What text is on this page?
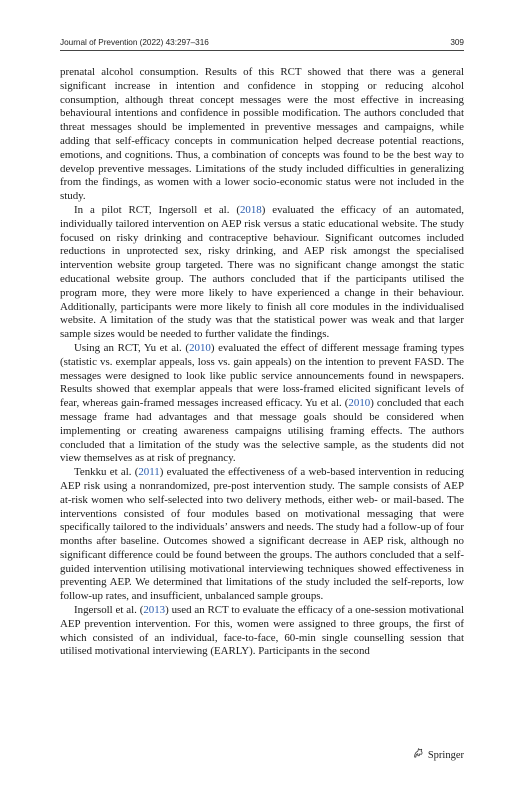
Journal of Prevention (2022) 43:297–316	309

prenatal alcohol consumption. Results of this RCT showed that there was a general significant increase in intention and confidence in stopping or reducing alcohol consumption, although threat concept messages were the most effective in increasing behavioural intentions and confidence in possible modification. The authors concluded that threat messages should be implemented in preventive messages and campaigns, while adding that self-efficacy concepts in communication helped decrease potential reactions, emotions, and cognitions. Thus, a combination of concepts was found to be the best way to develop preventive messages. Limitations of the study included difficulties in generalizing from the findings, as women with a lower socio-economic status were not included in the study.

In a pilot RCT, Ingersoll et al. (2018) evaluated the efficacy of an automated, individually tailored intervention on AEP risk versus a static educational website. The study focused on risky drinking and contraceptive behaviour. Significant outcomes included reductions in unprotected sex, risky drinking, and AEP risk amongst the specialised intervention website group targeted. There was no significant change amongst the static educational website group. The authors concluded that if the participants utilised the program more, they were more likely to have experienced a change in their behaviour. Additionally, participants were more likely to finish all core modules in the individualised website. A limitation of the study was that the statistical power was weak and that larger sample sizes would be needed to further validate the findings.

Using an RCT, Yu et al. (2010) evaluated the effect of different message framing types (statistic vs. exemplar appeals, loss vs. gain appeals) on the intention to prevent FASD. The messages were designed to look like public service announcements found in newspapers. Results showed that exemplar appeals that were loss-framed elicited significant levels of fear, whereas gain-framed messages increased efficacy. Yu et al. (2010) concluded that each message frame had advantages and that message goals should be considered when implementing or creating awareness campaigns utilising framing effects. The authors concluded that a limitation of the study was the selective sample, as the students did not view themselves as at risk of pregnancy.

Tenkku et al. (2011) evaluated the effectiveness of a web-based intervention in reducing AEP risk using a nonrandomized, pre-post intervention study. The sample consists of AEP at-risk women who self-selected into two delivery methods, either web- or mail-based. The interventions consisted of four modules based on motivational messaging that were specifically tailored to the individuals’ answers and needs. The study had a follow-up of four months after baseline. Outcomes showed a significant decrease in AEP risk, although no significant difference could be found between the groups. The authors concluded that a self-guided intervention utilising motivational interviewing techniques showed effectiveness in preventing AEP. We determined that limitations of the study included the self-reports, low follow-up rates, and insufficient, unbalanced sample groups.

Ingersoll et al. (2013) used an RCT to evaluate the efficacy of a one-session motivational AEP prevention intervention. For this, women were assigned to three groups, the first of which consisted of an individual, face-to-face, 60-min single counselling session that utilised motivational interviewing (EARLY). Participants in the second

Springer
